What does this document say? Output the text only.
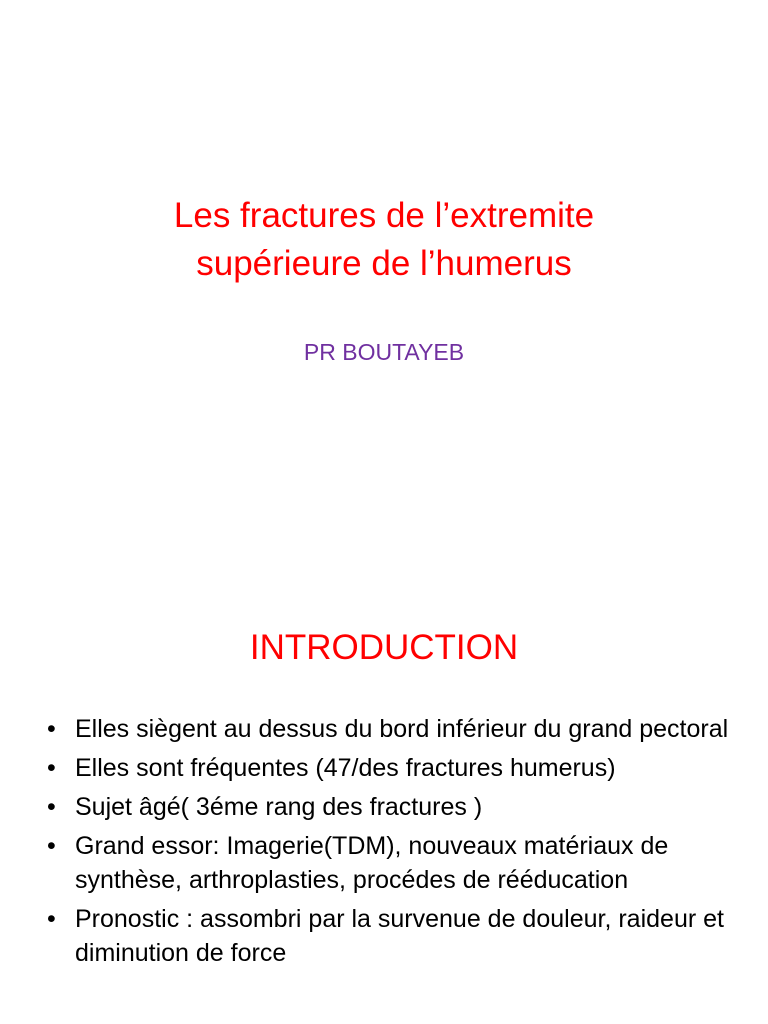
Les fractures de l’extremite
supérieure de l’humerus
PR BOUTAYEB
INTRODUCTION
• Elles siègent au dessus du bord inférieur du grand pectoral
• Elles sont fréquentes (47/des fractures humerus)
• Sujet âgé( 3éme rang des fractures )
• Grand essor: Imagerie(TDM), nouveaux matériaux de synthèse, arthroplasties, procédes de rééducation
• Pronostic : assombri par la survenue de douleur, raideur et diminution de force
